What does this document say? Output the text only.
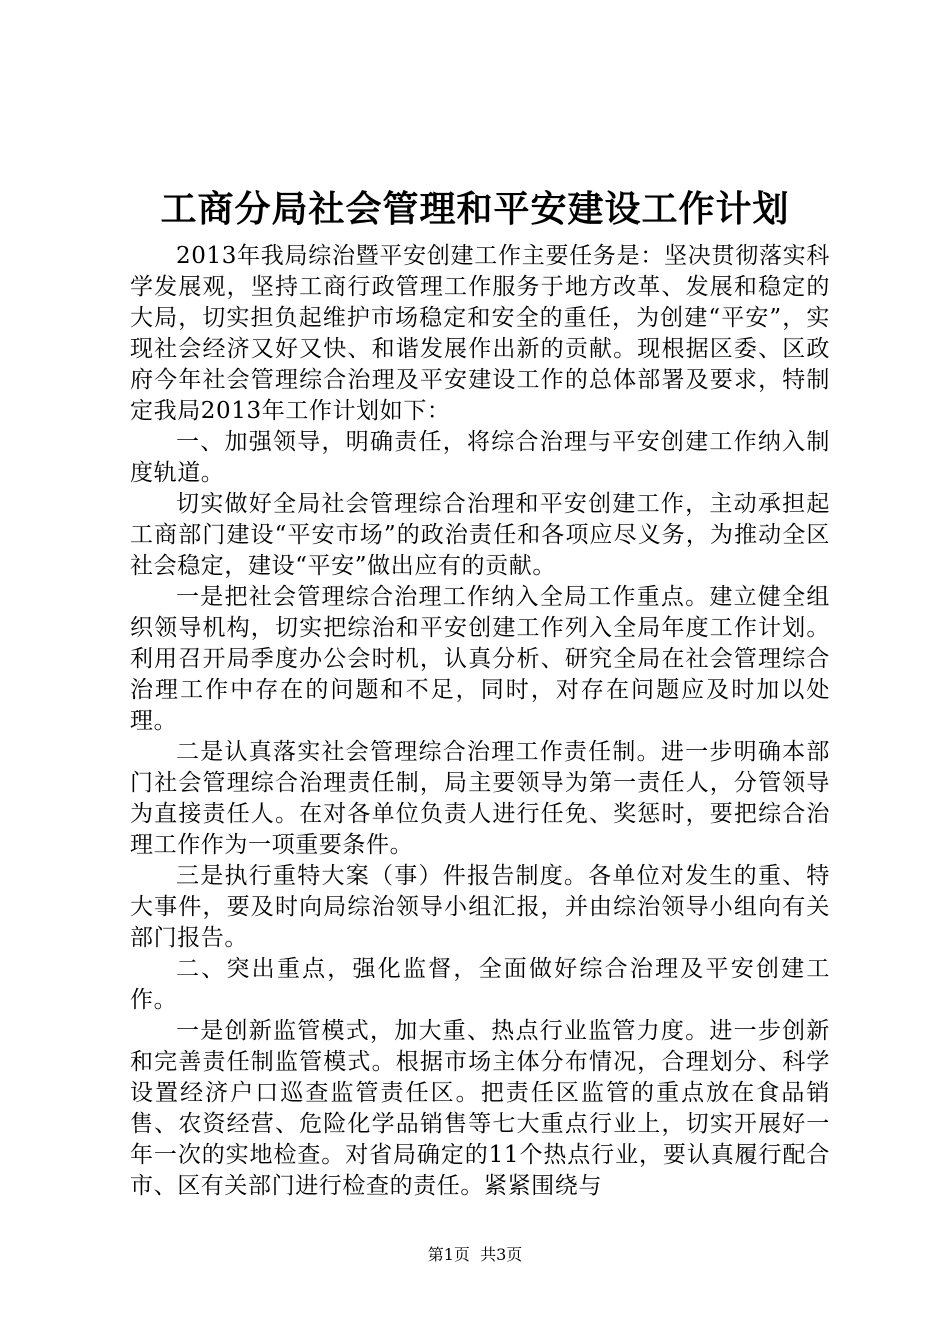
工商分局社会管理和平安建设工作计划

2013年我局综治暨平安创建工作主要任务是：坚决贯彻落实科学发展观，坚持工商行政管理工作服务于地方改革、发展和稳定的大局，切实担负起维护市场稳定和安全的重任，为创建“平安”，实现社会经济又好又快、和谐发展作出新的贡献。现根据区委、区政府今年社会管理综合治理及平安建设工作的总体部署及要求，特制定我局2013年工作计划如下：

一、加强领导，明确责任，将综合治理与平安创建工作纳入制度轨道。

切实做好全局社会管理综合治理和平安创建工作，主动承担起工商部门建设“平安市场”的政治责任和各项应尽义务，为推动全区社会稳定，建设“平安”做出应有的贡献。

一是把社会管理综合治理工作纳入全局工作重点。建立健全组织领导机构，切实把综治和平安创建工作列入全局年度工作计划。利用召开局季度办公会时机，认真分析、研究全局在社会管理综合治理工作中存在的问题和不足，同时，对存在问题应及时加以处理。

二是认真落实社会管理综合治理工作责任制。进一步明确本部门社会管理综合治理责任制，局主要领导为第一责任人，分管领导为直接责任人。在对各单位负责人进行任免、奖惩时，要把综合治理工作作为一项重要条件。

三是执行重特大案（事）件报告制度。各单位对发生的重、特大事件，要及时向局综治领导小组汇报，并由综治领导小组向有关部门报告。

二、突出重点，强化监督，全面做好综合治理及平安创建工作。

一是创新监管模式，加大重、热点行业监管力度。进一步创新和完善责任制监管模式。根据市场主体分布情况，合理划分、科学设置经济户口巡查监管责任区。把责任区监管的重点放在食品销售、农资经营、危险化学品销售等七大重点行业上，切实开展好一年一次的实地检查。对省局确定的11个热点行业，要认真履行配合市、区有关部门进行检查的责任。紧紧围绕与

第1页  共3页
